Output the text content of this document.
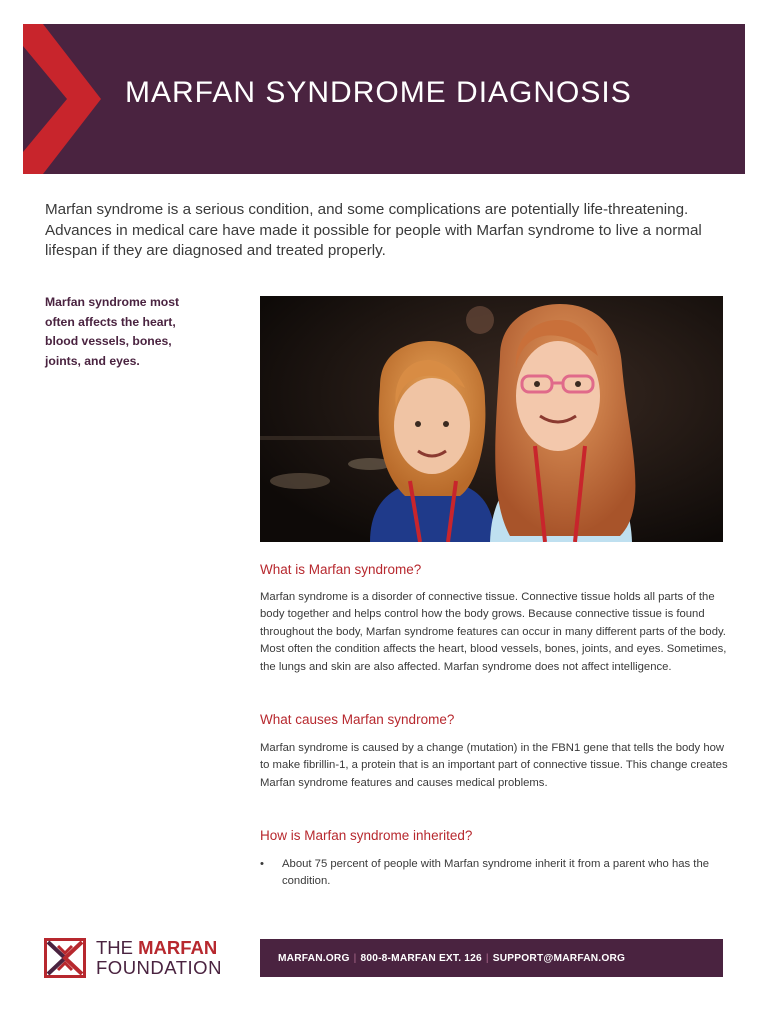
MARFAN SYNDROME DIAGNOSIS
Marfan syndrome is a serious condition, and some complications are potentially life-threatening. Advances in medical care have made it possible for people with Marfan syndrome to live a normal lifespan if they are diagnosed and treated properly.
Marfan syndrome most often affects the heart, blood vessels, bones, joints, and eyes.
What is Marfan syndrome?
Marfan syndrome is a disorder of connective tissue. Connective tissue holds all parts of the body together and helps control how the body grows. Because connective tissue is found throughout the body, Marfan syndrome features can occur in many different parts of the body. Most often the condition affects the heart, blood vessels, bones, joints, and eyes. Sometimes, the lungs and skin are also affected. Marfan syndrome does not affect intelligence.
What causes Marfan syndrome?
Marfan syndrome is caused by a change (mutation) in the FBN1 gene that tells the body how to make fibrillin-1, a protein that is an important part of connective tissue. This change creates Marfan syndrome features and causes medical problems.
How is Marfan syndrome inherited?
• About 75 percent of people with Marfan syndrome inherit it from a parent who has the condition.
THE MARFAN
FOUNDATION	MARFAN.ORG | 800-8-MARFAN EXT. 126 | SUPPORT@MARFAN.ORG
